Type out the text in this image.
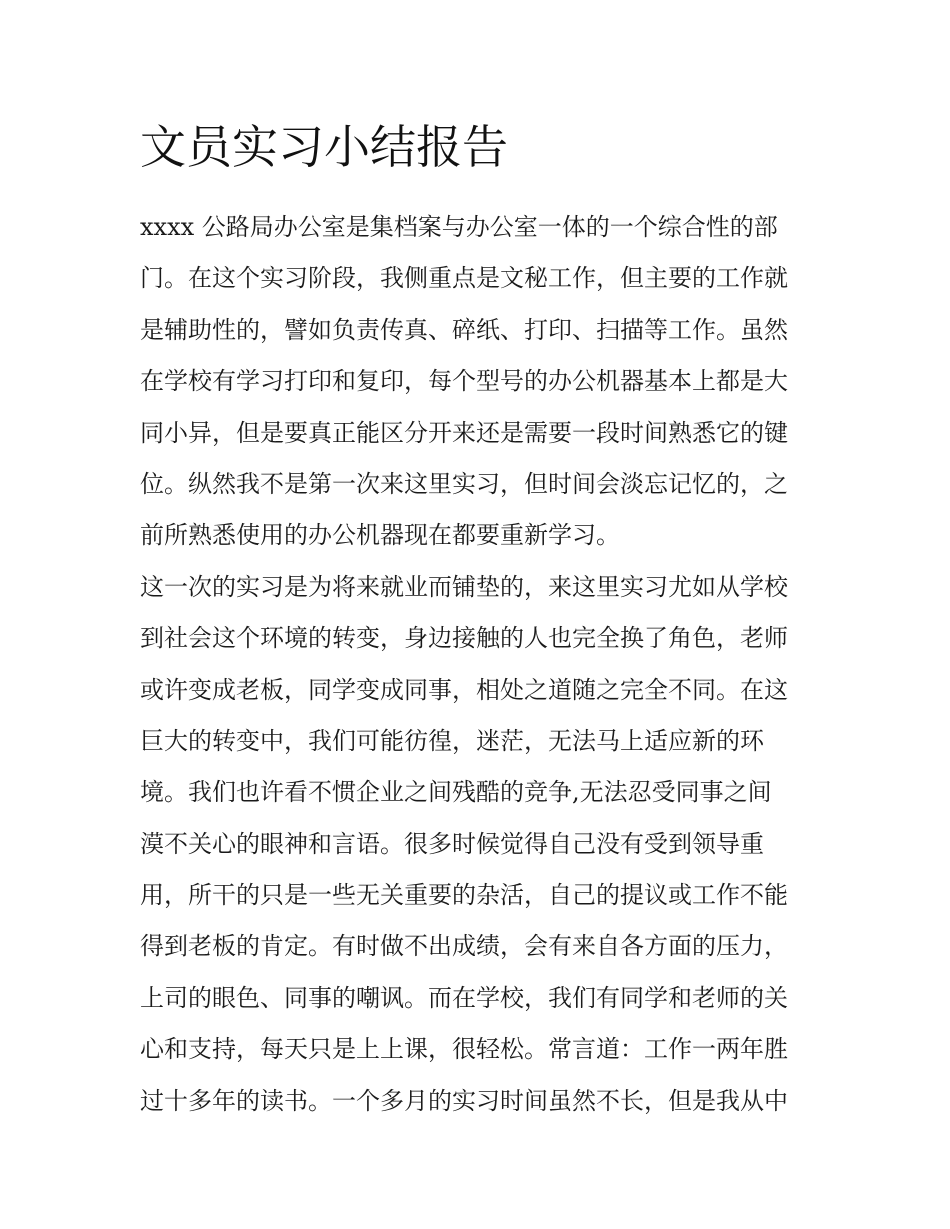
文员实习小结报告
xxxx 公路局办公室是集档案与办公室一体的一个综合性的部
门。在这个实习阶段，我侧重点是文秘工作，但主要的工作就
是辅助性的，譬如负责传真、碎纸、打印、扫描等工作。虽然
在学校有学习打印和复印，每个型号的办公机器基本上都是大
同小异，但是要真正能区分开来还是需要一段时间熟悉它的键
位。纵然我不是第一次来这里实习，但时间会淡忘记忆的，之
前所熟悉使用的办公机器现在都要重新学习。
这一次的实习是为将来就业而铺垫的，来这里实习尤如从学校
到社会这个环境的转变，身边接触的人也完全换了角色，老师
或许变成老板，同学变成同事，相处之道随之完全不同。在这
巨大的转变中，我们可能彷徨，迷茫，无法马上适应新的环
境。我们也许看不惯企业之间残酷的竞争,无法忍受同事之间
漠不关心的眼神和言语。很多时候觉得自己没有受到领导重
用，所干的只是一些无关重要的杂活，自己的提议或工作不能
得到老板的肯定。有时做不出成绩，会有来自各方面的压力，
上司的眼色、同事的嘲讽。而在学校，我们有同学和老师的关
心和支持，每天只是上上课，很轻松。常言道：工作一两年胜
过十多年的读书。一个多月的实习时间虽然不长，但是我从中
